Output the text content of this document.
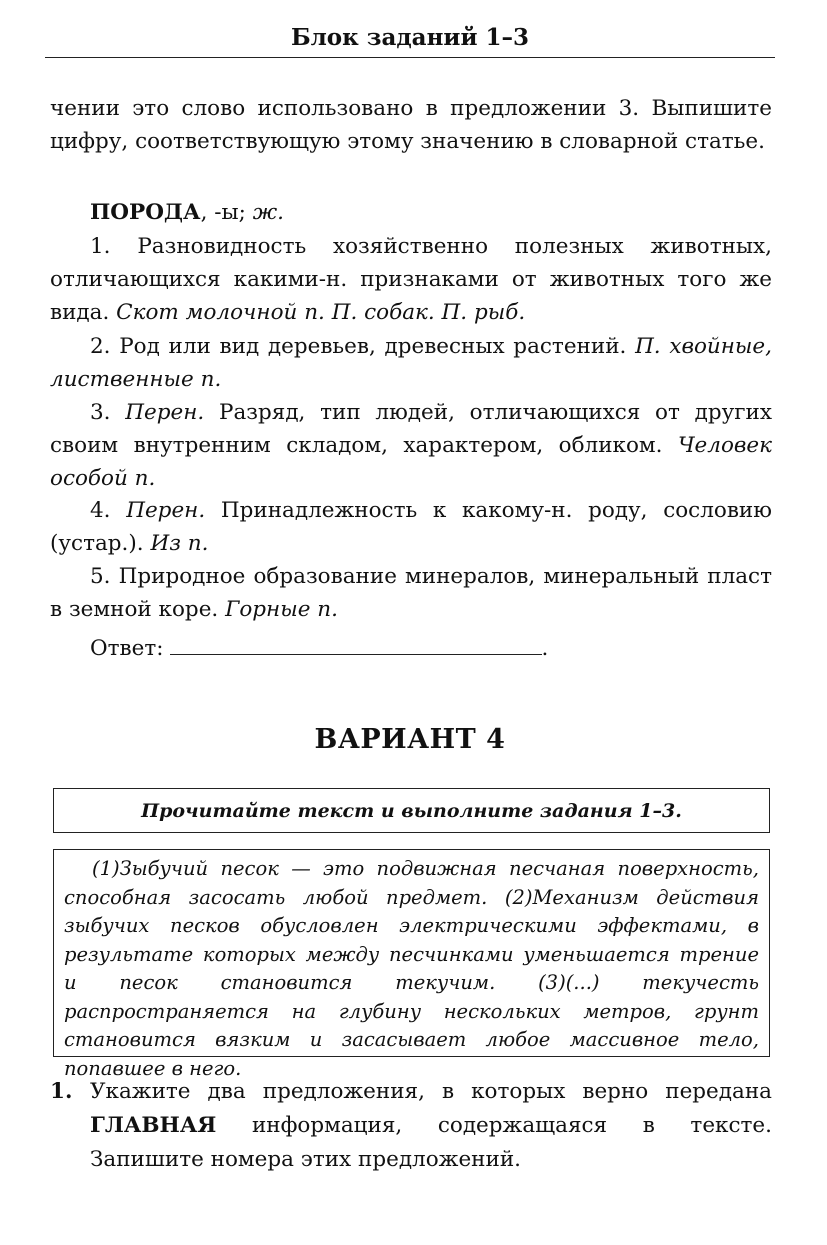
Блок заданий 1–3
чении это слово использовано в предложении 3. Выпишите цифру, соответствующую этому значению в словарной статье.
ПОРОДА, -ы; ж.
1. Разновидность хозяйственно полезных животных, отличающихся какими-н. признаками от животных того же вида. Скот молочной п. П. собак. П. рыб.
2. Род или вид деревьев, древесных растений. П. хвойные, лиственные п.
3. Перен. Разряд, тип людей, отличающихся от других своим внутренним складом, характером, обликом. Человек особой п.
4. Перен. Принадлежность к какому-н. роду, сословию (устар.). Из п.
5. Природное образование минералов, минеральный пласт в земной коре. Горные п.
Ответ:	.
ВАРИАНТ 4
Прочитайте текст и выполните задания 1–3.
(1)Зыбучий песок — это подвижная песчаная поверхность, способная засосать любой предмет. (2)Механизм действия зыбучих песков обусловлен электрическими эффектами, в результате которых между песчинками уменьшается трение и песок становится текучим. (3)(...) текучесть распространяется на глубину нескольких метров, грунт становится вязким и засасывает любое массивное тело, попавшее в него.
1. Укажите два предложения, в которых верно передана ГЛАВНАЯ информация, содержащаяся в тексте. Запишите номера этих предложений.
